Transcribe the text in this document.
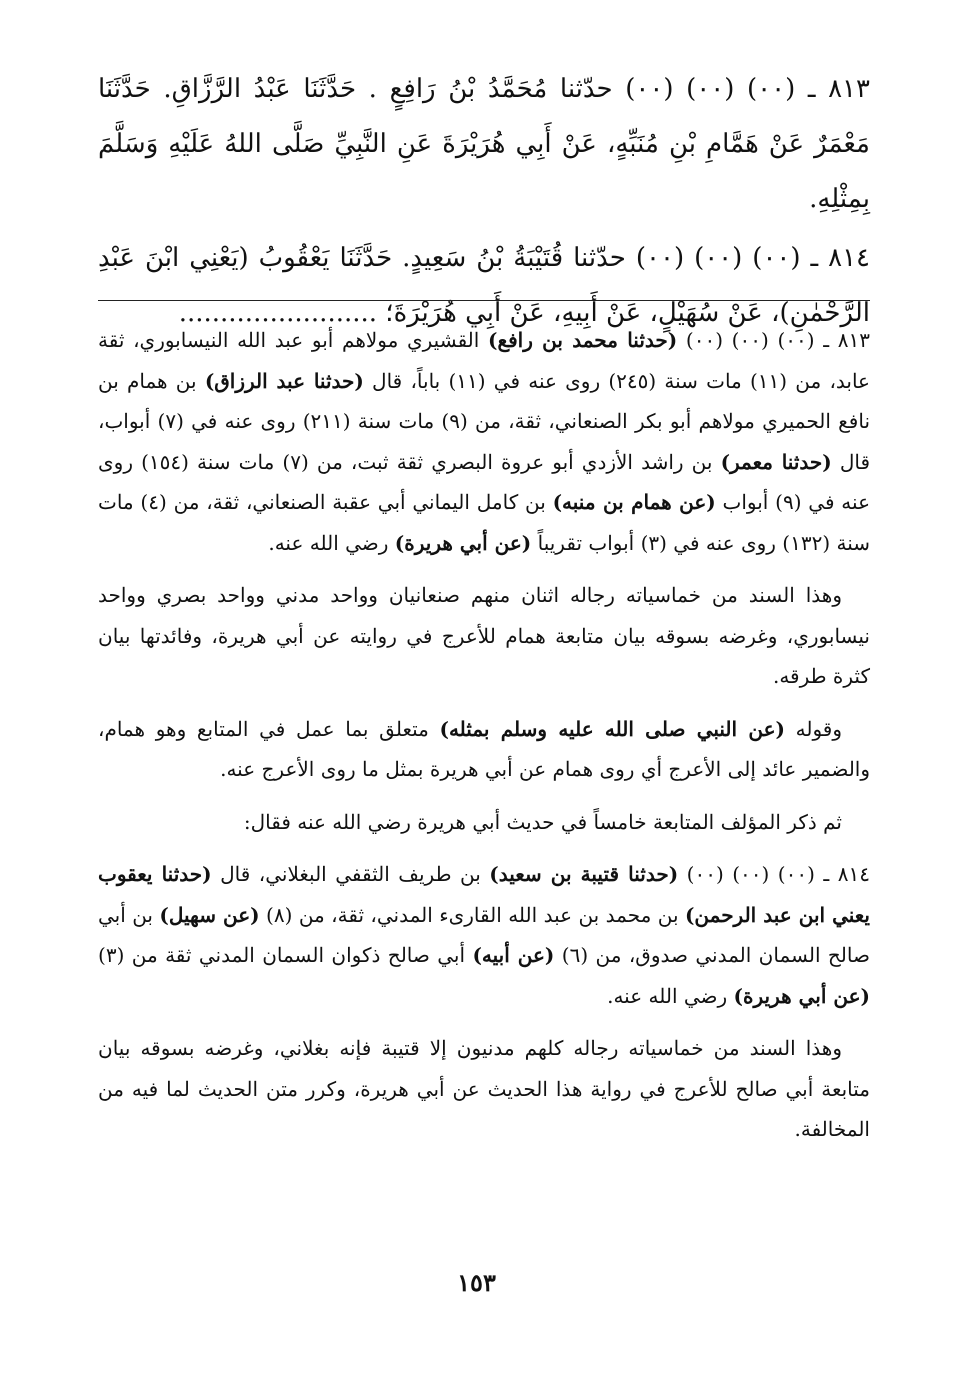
٨١٣ ـ (٠٠) (٠٠) (٠٠) حدّثنا مُحَمَّدُ بْنُ رَافِعٍ . حَدَّثَنَا عَبْدُ الرَّزَّاقِ. حَدَّثَنَا مَعْمَرٌ عَنْ هَمَّامِ بْنِ مُنَبِّهٍ، عَنْ أَبِي هُرَيْرَةَ عَنِ النَّبِيِّ صَلَّى اللهُ عَلَيْهِ وَسَلَّمَ بِمِثْلِهِ.

٨١٤ ـ (٠٠) (٠٠) (٠٠) حدّثنا قُتَيْبَةُ بْنُ سَعِيدٍ. حَدَّثَنَا يَعْقُوبُ (يَعْنِي ابْنَ عَبْدِ الرَّحْمٰنِ)، عَنْ سُهَيْلٍ، عَنْ أَبِيهِ، عَنْ أَبِي هُرَيْرَةَ؛ ........................

٨١٣ ـ (٠٠) (٠٠) (٠٠) (حدثنا محمد بن رافع) القشيري مولاهم أبو عبد الله النيسابوري، ثقة عابد، من (١١) مات سنة (٢٤٥) روى عنه في (١١) باباً، قال (حدثنا عبد الرزاق) بن همام بن نافع الحميري مولاهم أبو بكر الصنعاني، ثقة، من (٩) مات سنة (٢١١) روى عنه في (٧) أبواب، قال (حدثنا معمر) بن راشد الأزدي أبو عروة البصري ثقة ثبت، من (٧) مات سنة (١٥٤) روى عنه في (٩) أبواب (عن همام بن منبه) بن كامل اليماني أبي عقبة الصنعاني، ثقة، من (٤) مات سنة (١٣٢) روى عنه في (٣) أبواب تقريباً (عن أبي هريرة) رضي الله عنه.

وهذا السند من خماسياته رجاله اثنان منهم صنعانيان وواحد مدني وواحد بصري وواحد نيسابوري، وغرضه بسوقه بيان متابعة همام للأعرج في روايته عن أبي هريرة، وفائدتها بيان كثرة طرقه.

وقوله (عن النبي صلى الله عليه وسلم بمثله) متعلق بما عمل في المتابع وهو همام، والضمير عائد إلى الأعرج أي روى همام عن أبي هريرة بمثل ما روى الأعرج عنه.

ثم ذكر المؤلف المتابعة خامساً في حديث أبي هريرة رضي الله عنه فقال:

٨١٤ ـ (٠٠) (٠٠) (٠٠) (حدثنا قتيبة بن سعيد) بن طريف الثقفي البغلاني، قال (حدثنا يعقوب يعني ابن عبد الرحمن) بن محمد بن عبد الله القارىء المدني، ثقة، من (٨) (عن سهيل) بن أبي صالح السمان المدني صدوق، من (٦) (عن أبيه) أبي صالح ذكوان السمان المدني ثقة من (٣) (عن أبي هريرة) رضي الله عنه.

وهذا السند من خماسياته رجاله كلهم مدنيون إلا قتيبة فإنه بغلاني، وغرضه بسوقه بيان متابعة أبي صالح للأعرج في رواية هذا الحديث عن أبي هريرة، وكرر متن الحديث لما فيه من المخالفة.

١٥٣
